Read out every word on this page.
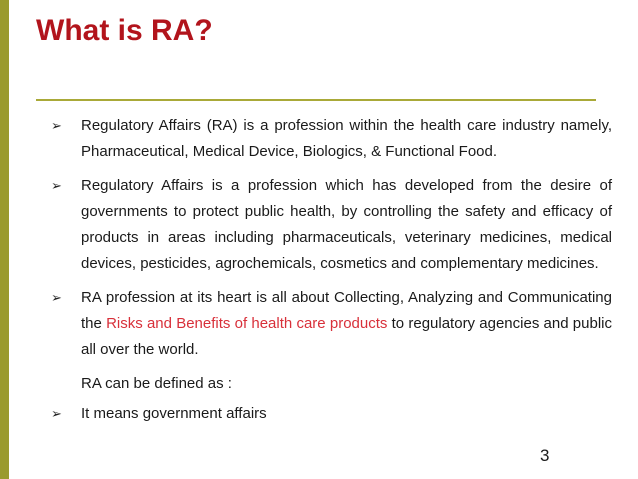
What is RA?
➢ Regulatory Affairs (RA) is a profession within the health care industry namely, Pharmaceutical, Medical Device, Biologics, & Functional Food.
➢ Regulatory Affairs is a profession which has developed from the desire of governments to protect public health, by controlling the safety and efficacy of products in areas including pharmaceuticals, veterinary medicines, medical devices, pesticides, agrochemicals, cosmetics and complementary medicines.
➢ RA profession at its heart is all about Collecting, Analyzing and Communicating the Risks and Benefits of health care products to regulatory agencies and public all over the world.
RA can be defined as :
➢ It means government affairs
3
